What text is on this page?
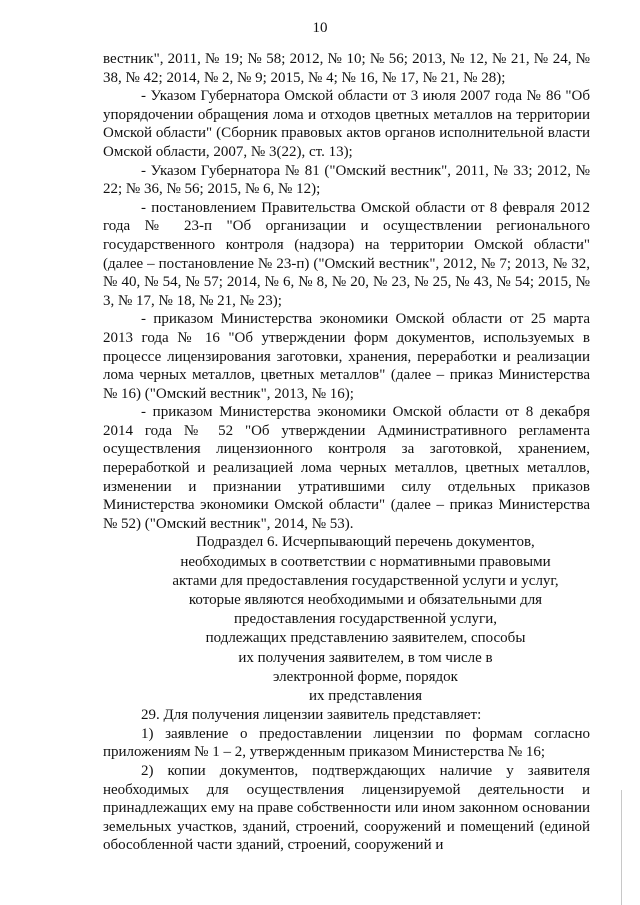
10

вестник", 2011, № 19; № 58; 2012, № 10; № 56; 2013, № 12, № 21, № 24, № 38, № 42; 2014, № 2, № 9; 2015, № 4; № 16, № 17, № 21, № 28);

- Указом Губернатора Омской области от 3 июля 2007 года № 86 "Об упорядочении обращения лома и отходов цветных металлов на территории Омской области" (Сборник правовых актов органов исполнительной власти Омской области, 2007, № 3(22), ст. 13);

- Указом Губернатора № 81 ("Омский вестник", 2011, № 33; 2012, № 22; № 36, № 56; 2015, № 6, № 12);

- постановлением Правительства Омской области от 8 февраля 2012 года № 23-п "Об организации и осуществлении регионального государственного контроля (надзора) на территории Омской области" (далее – постановление № 23-п) ("Омский вестник", 2012, № 7; 2013, № 32, № 40, № 54, № 57; 2014, № 6, № 8, № 20, № 23, № 25, № 43, № 54; 2015, № 3, № 17, № 18, № 21, № 23);

- приказом Министерства экономики Омской области от 25 марта 2013 года № 16 "Об утверждении форм документов, используемых в процессе лицензирования заготовки, хранения, переработки и реализации лома черных металлов, цветных металлов" (далее – приказ Министерства № 16) ("Омский вестник", 2013, № 16);

- приказом Министерства экономики Омской области от 8 декабря 2014 года № 52 "Об утверждении Административного регламента осуществления лицензионного контроля за заготовкой, хранением, переработкой и реализацией лома черных металлов, цветных металлов, изменении и признании утратившими силу отдельных приказов Министерства экономики Омской области" (далее – приказ Министерства № 52) ("Омский вестник", 2014, № 53).

Подраздел 6. Исчерпывающий перечень документов,
необходимых в соответствии с нормативными правовыми
актами для предоставления государственной услуги и услуг,
которые являются необходимыми и обязательными для
предоставления государственной услуги,
подлежащих представлению заявителем, способы
их получения заявителем, в том числе в
электронной форме, порядок
их представления

29. Для получения лицензии заявитель представляет:

1) заявление о предоставлении лицензии по формам согласно приложениям № 1 – 2, утвержденным приказом Министерства № 16;

2) копии документов, подтверждающих наличие у заявителя необходимых для осуществления лицензируемой деятельности и принадлежащих ему на праве собственности или ином законном основании земельных участков, зданий, строений, сооружений и помещений (единой обособленной части зданий, строений, сооружений и
